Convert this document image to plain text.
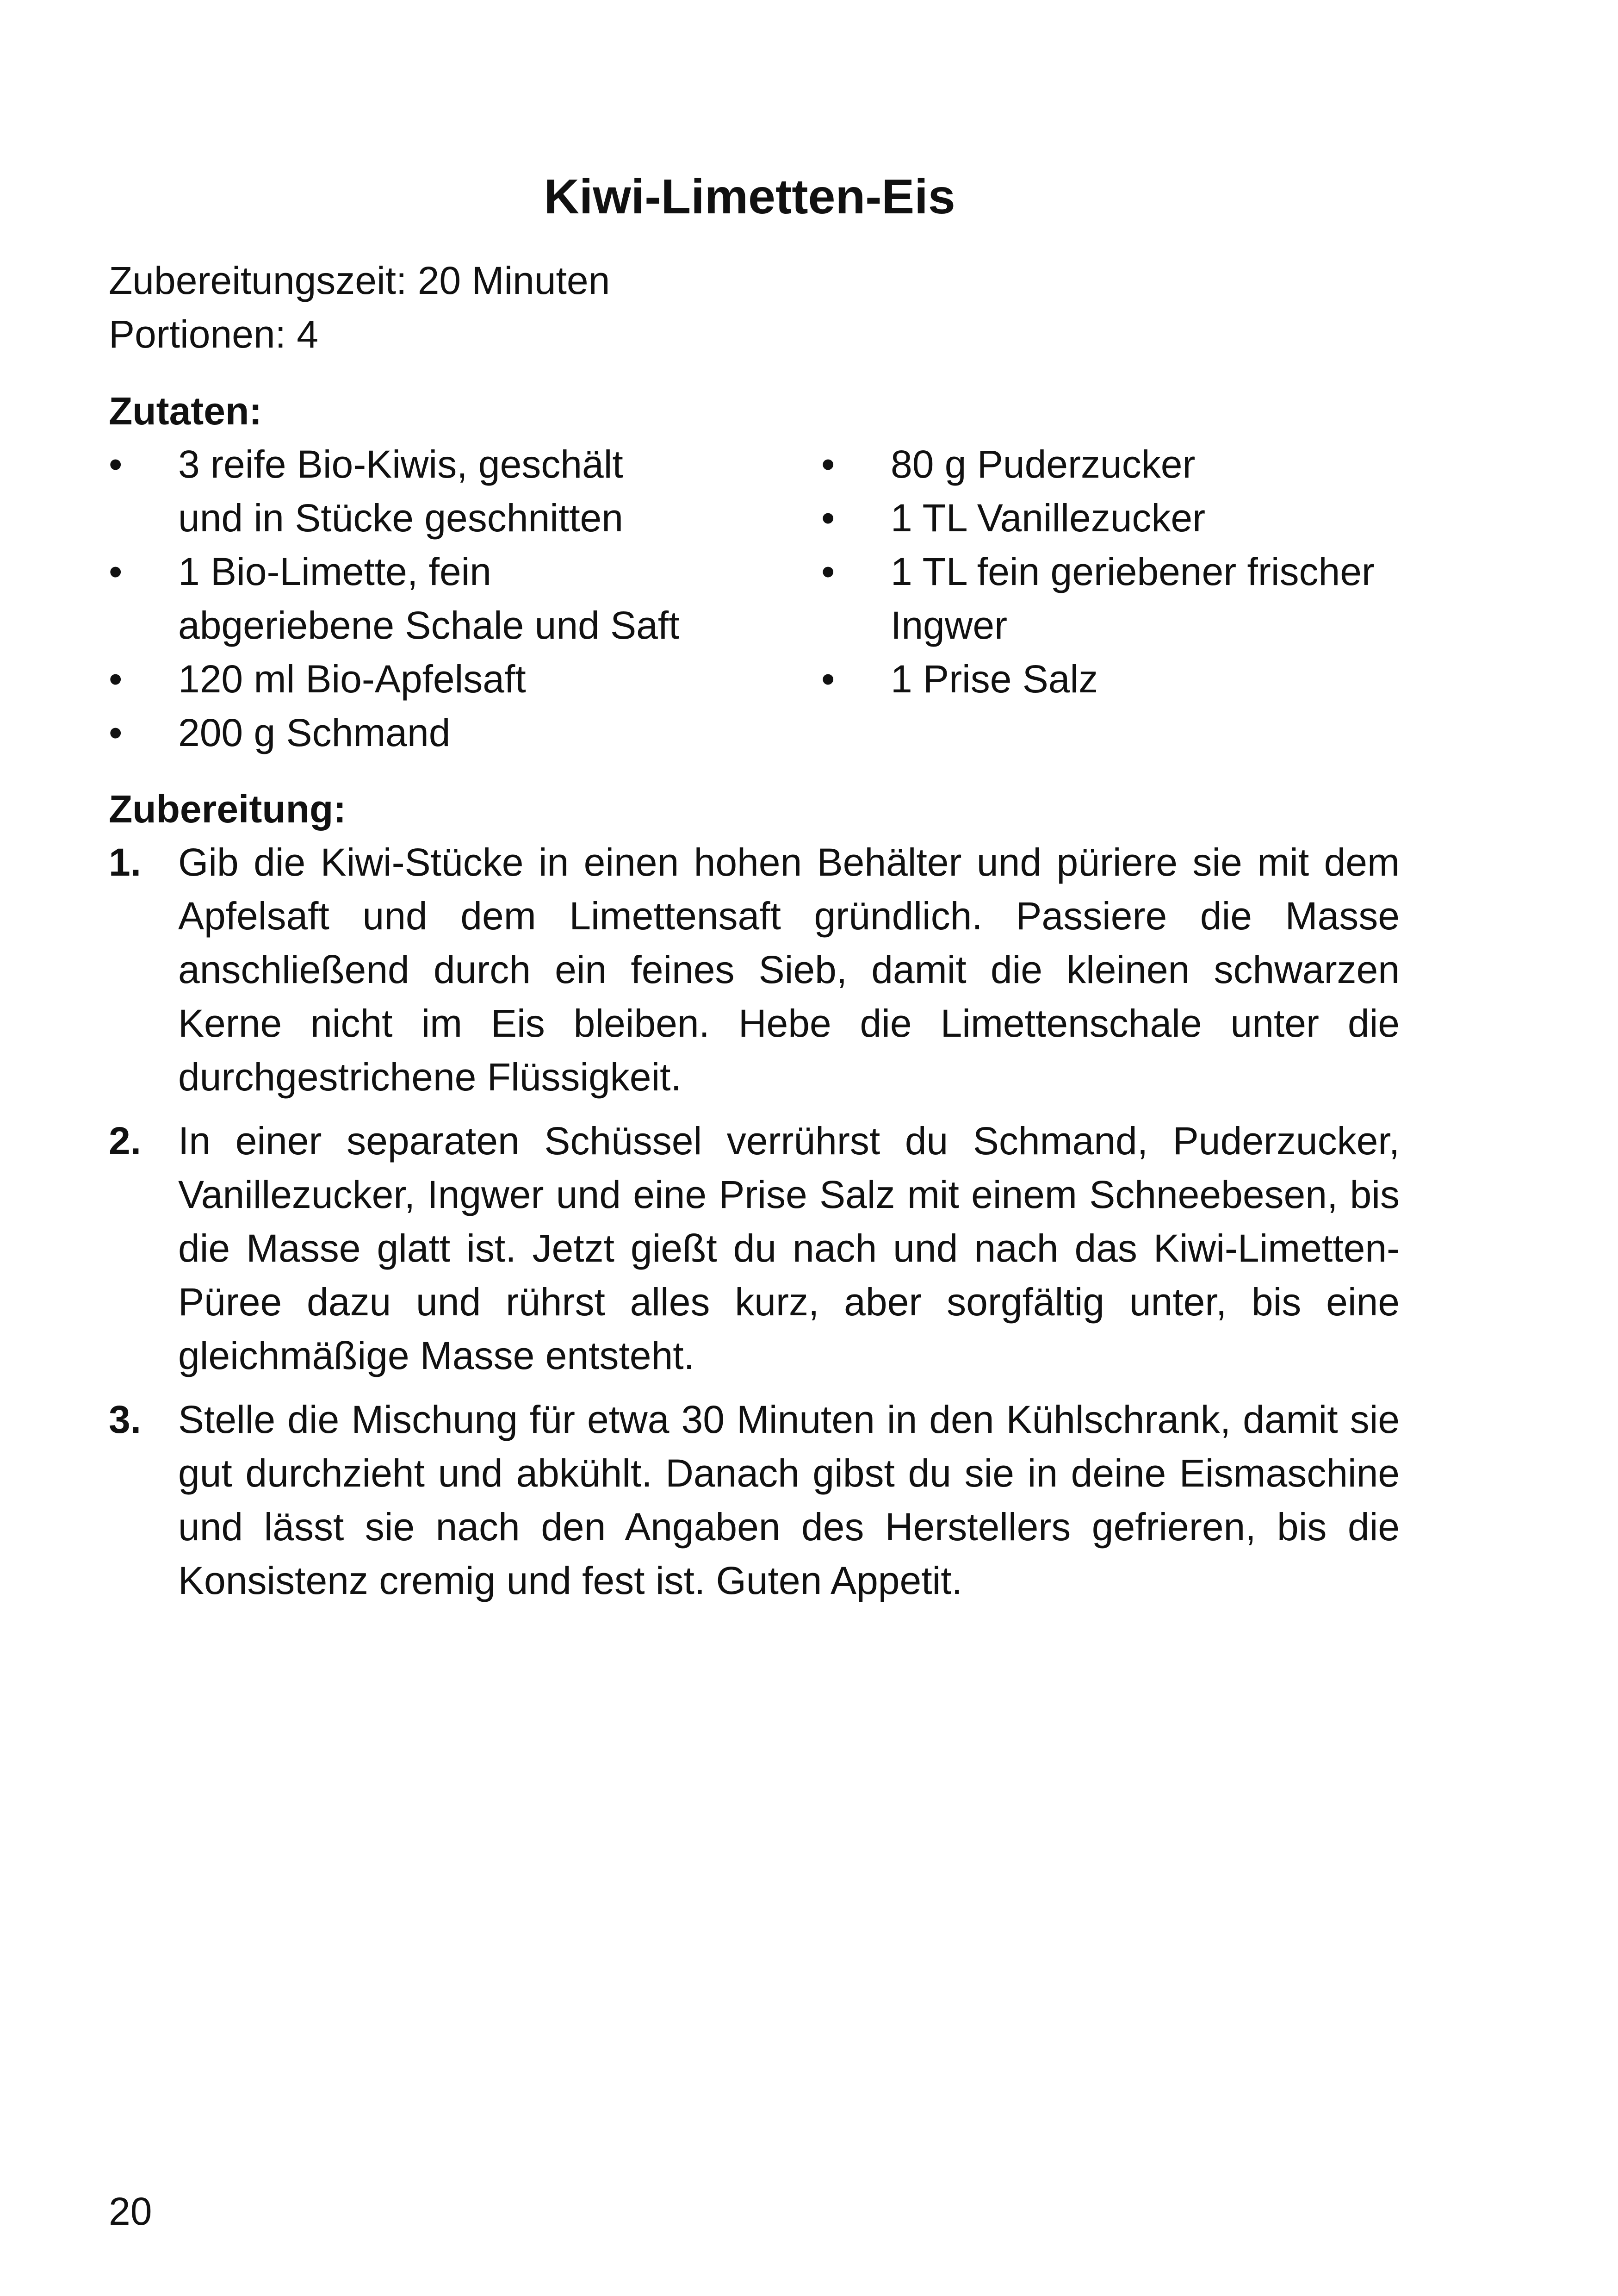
Kiwi-Limetten-Eis
Zubereitungszeit: 20 Minuten
Portionen: 4
Zutaten:
•	3 reife Bio-Kiwis, geschält und in Stücke geschnitten
•	1 Bio-Limette, fein abgeriebene Schale und Saft
•	120 ml Bio-Apfelsaft
•	200 g Schmand
•	80 g Puderzucker
•	1 TL Vanillezucker
•	1 TL fein geriebener frischer Ingwer
•	1 Prise Salz
Zubereitung:
1. Gib die Kiwi-Stücke in einen hohen Behälter und püriere sie mit dem Apfelsaft und dem Limettensaft gründlich. Passiere die Masse anschließend durch ein feines Sieb, damit die kleinen schwarzen Kerne nicht im Eis bleiben. Hebe die Limettenschale unter die durchgestrichene Flüssigkeit.
2. In einer separaten Schüssel verrührst du Schmand, Puderzucker, Vanillezucker, Ingwer und eine Prise Salz mit einem Schneebesen, bis die Masse glatt ist. Jetzt gießt du nach und nach das Kiwi-Limetten-Püree dazu und rührst alles kurz, aber sorgfältig unter, bis eine gleichmäßige Masse entsteht.
3. Stelle die Mischung für etwa 30 Minuten in den Kühlschrank, damit sie gut durchzieht und abkühlt. Danach gibst du sie in deine Eismaschine und lässt sie nach den Angaben des Herstellers gefrieren, bis die Konsistenz cremig und fest ist. Guten Appetit.
20
